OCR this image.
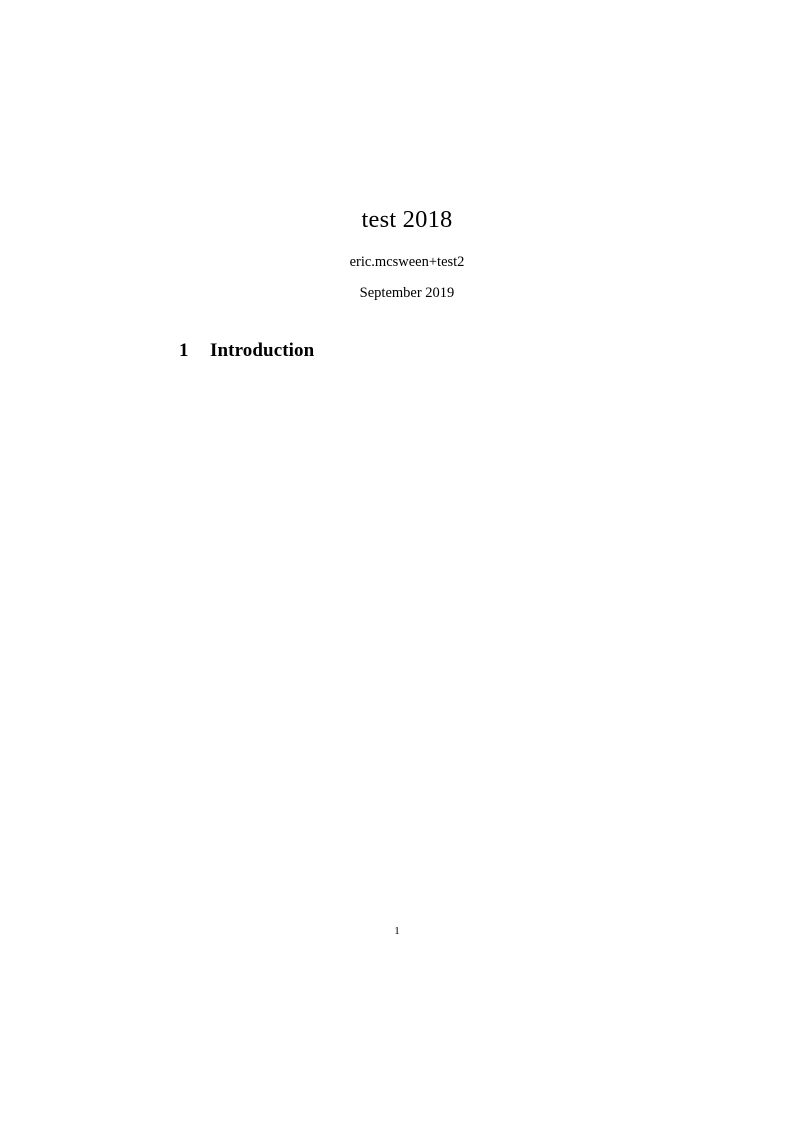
test 2018
eric.mcsween+test2
September 2019
1 Introduction
1
